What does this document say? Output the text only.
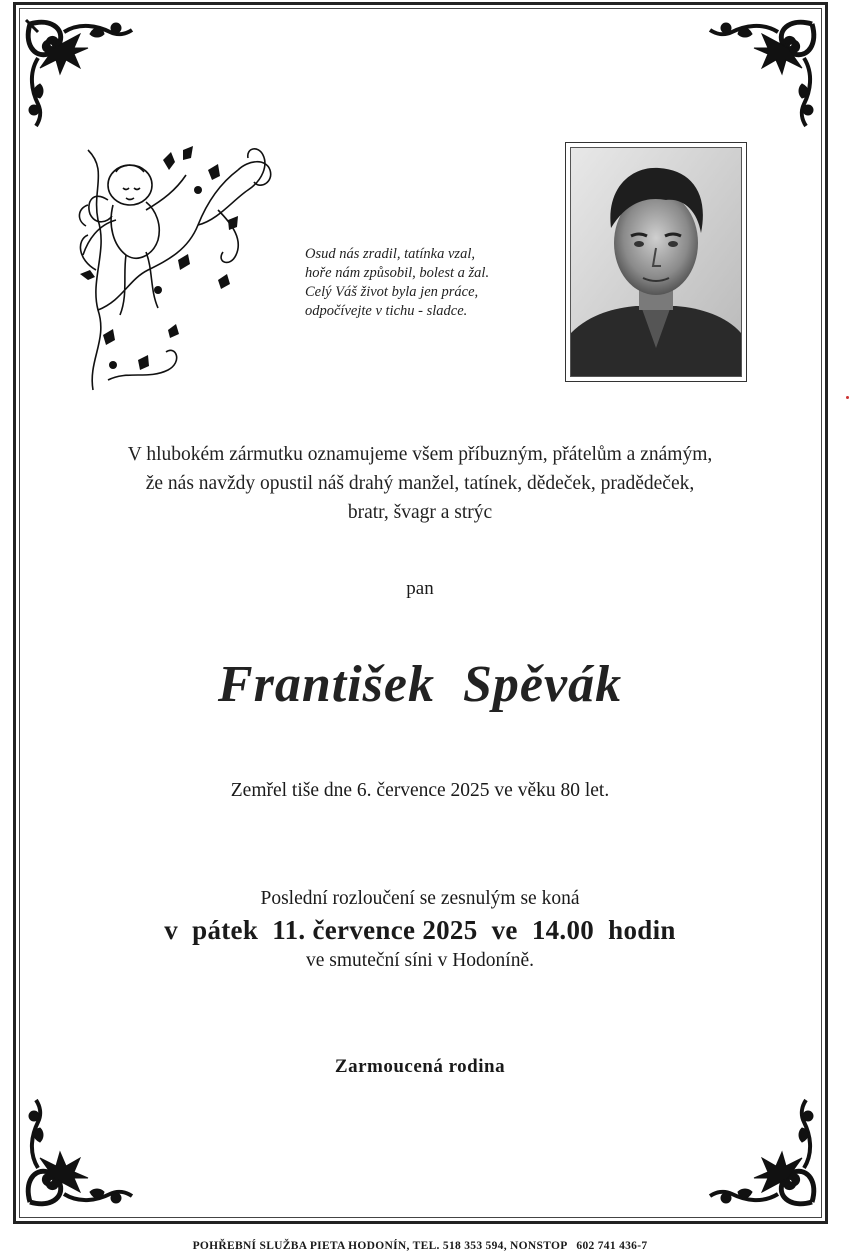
Osud nás zradil, tatínka vzal,
hoře nám způsobil, bolest a žal.
Celý Váš život byla jen práce,
odpočívejte v tichu - sladce.
V hlubokém zármutku oznamujeme všem příbuzným, přátelům a známým,
že nás navždy opustil náš drahý manžel, tatínek, dědeček, pradědeček,
bratr, švagr a strýc
pan
František Spěvák
Zemřel tiše dne 6. července 2025 ve věku 80 let.
Poslední rozloučení se zesnulým se koná
v  pátek  11. července 2025  ve  14.00  hodin
ve smuteční síni v Hodoníně.
Zarmoucená rodina
POHŘEBNÍ SLUŽBA PIETA HODONÍN, TEL. 518 353 594, NONSTOP   602 741 436-7
